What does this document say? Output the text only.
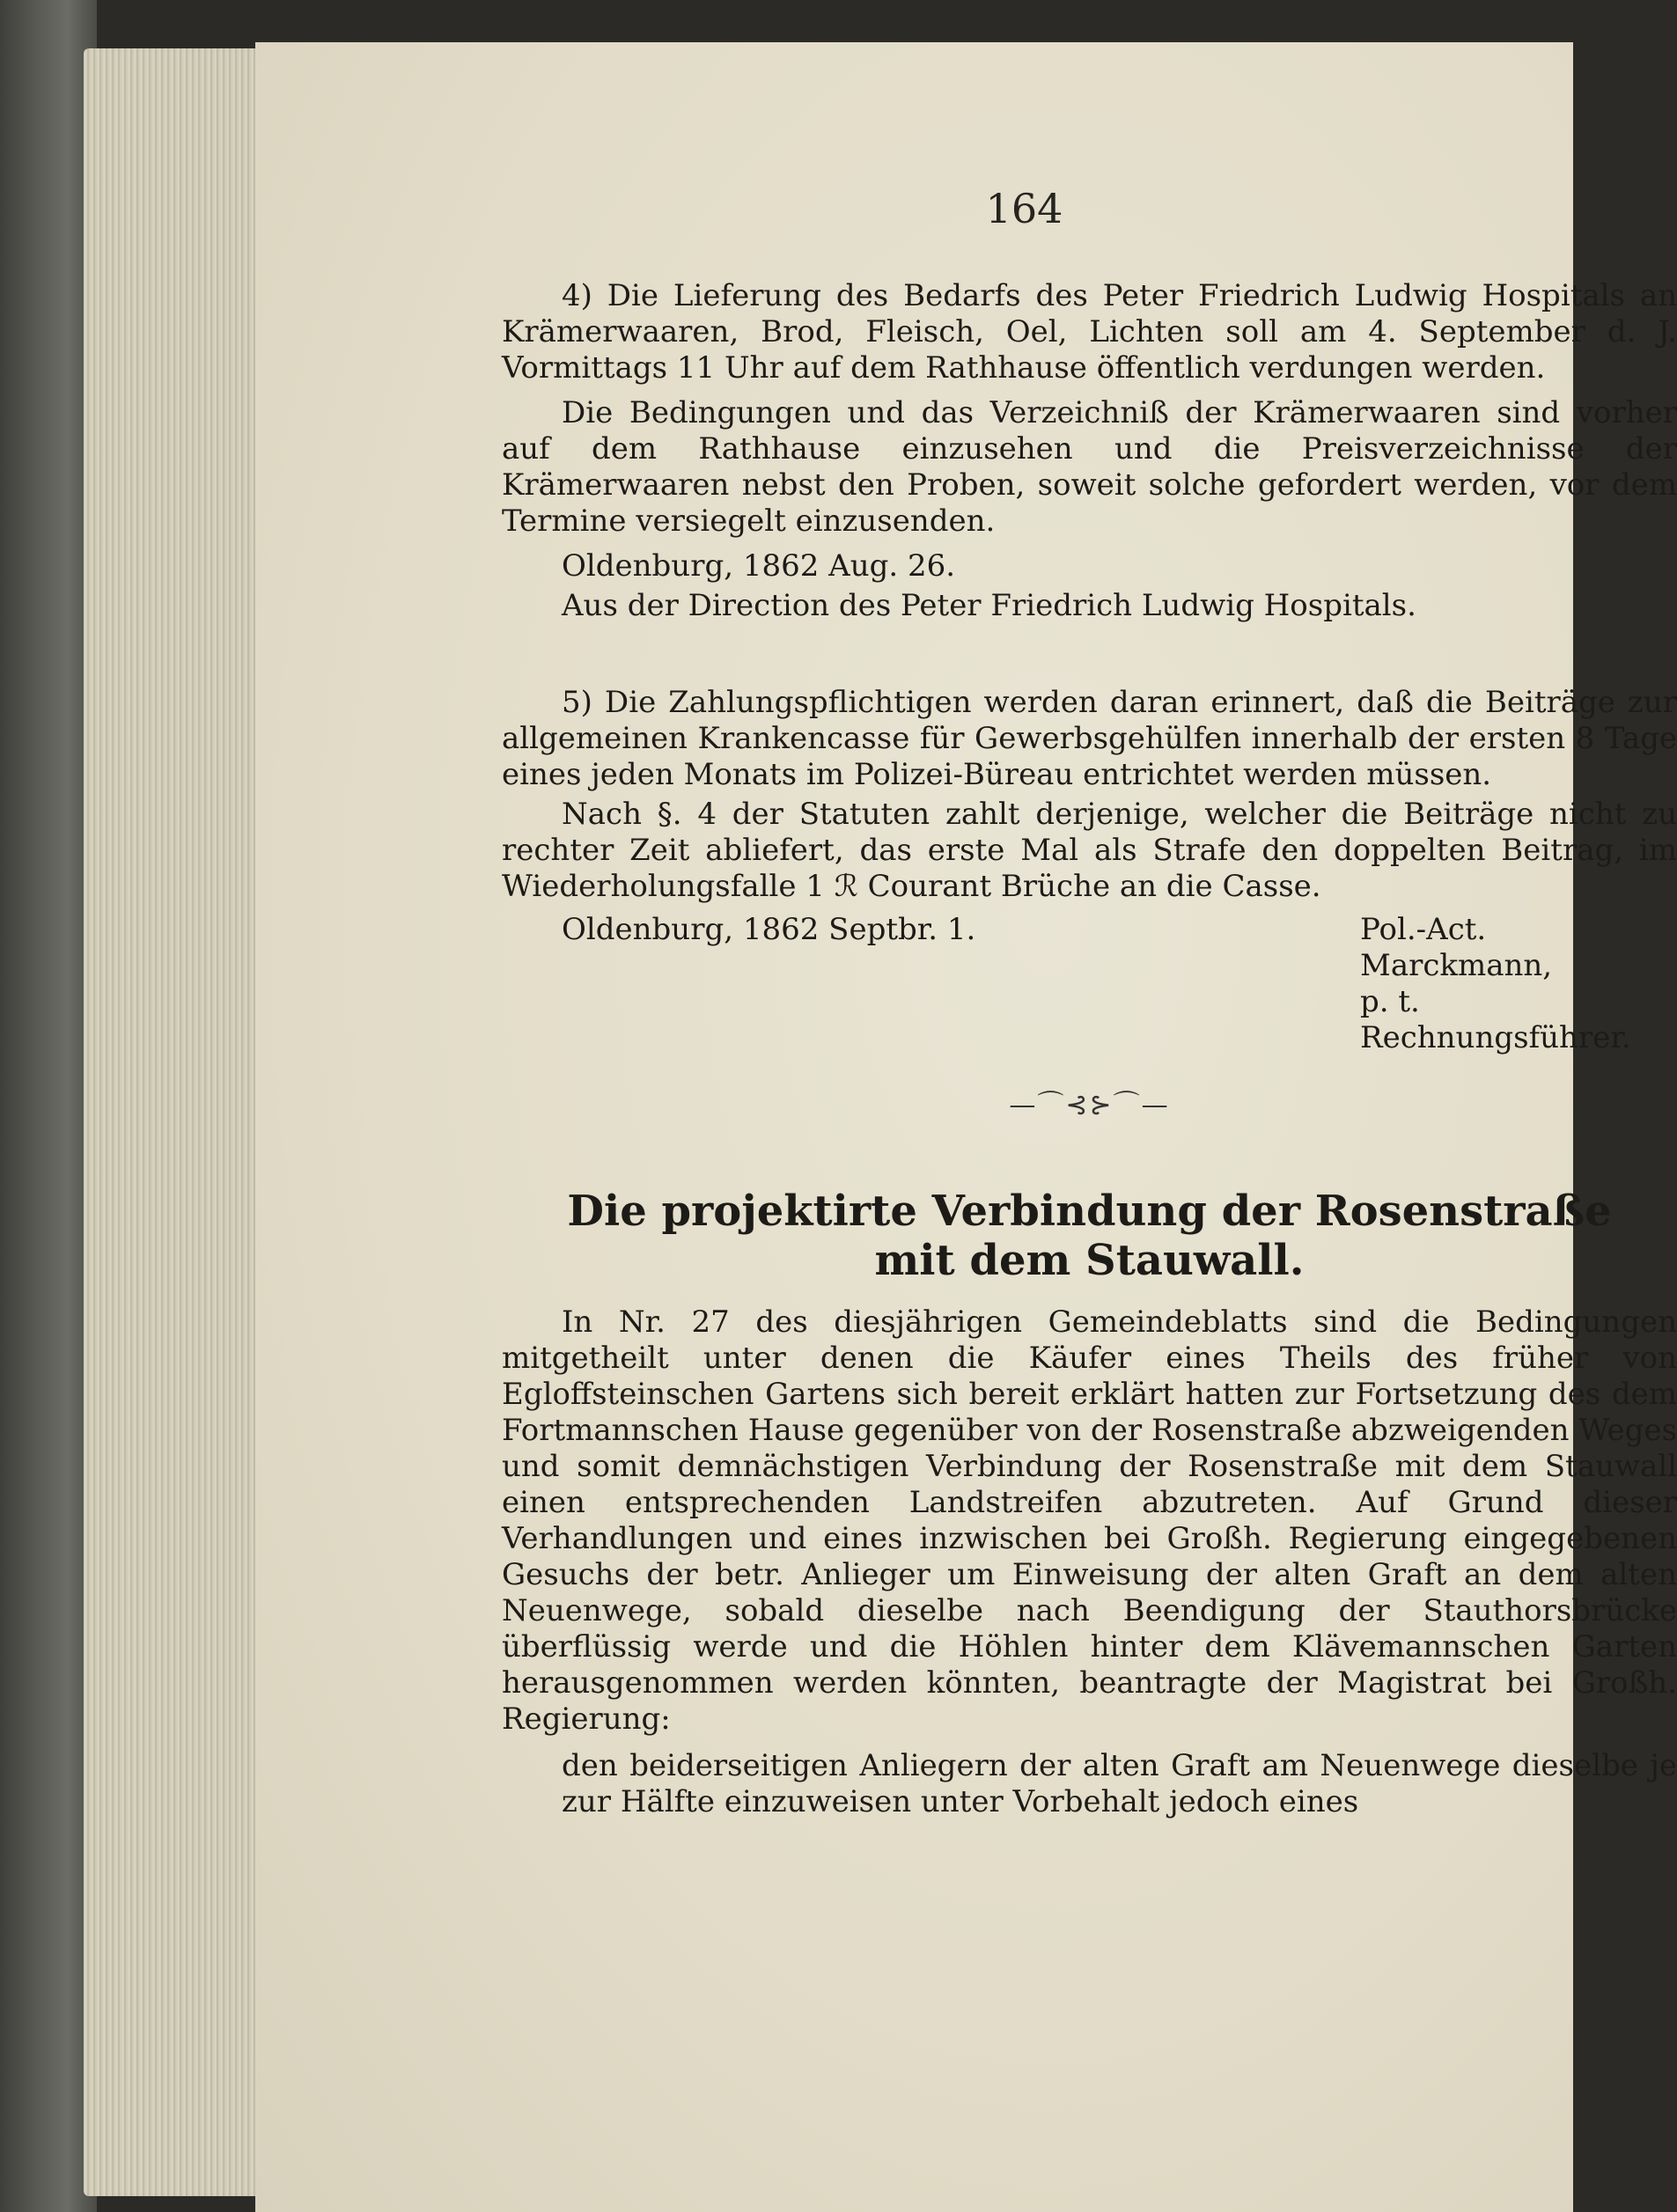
164

4) Die Lieferung des Bedarfs des Peter Friedrich Ludwig Hospitals an Krämerwaaren, Brod, Fleisch, Oel, Lichten soll am 4. September d. J. Vormittags 11 Uhr auf dem Rathhause öffentlich verdungen werden.

Die Bedingungen und das Verzeichniß der Krämerwaaren sind vorher auf dem Rathhause einzusehen und die Preisverzeichnisse der Krämerwaaren nebst den Proben, soweit solche gefordert werden, vor dem Termine versiegelt einzusenden.

Oldenburg, 1862 Aug. 26.
Aus der Direction des Peter Friedrich Ludwig Hospitals.

5) Die Zahlungspflichtigen werden daran erinnert, daß die Beiträge zur allgemeinen Krankencasse für Gewerbsgehülfen innerhalb der ersten 8 Tage eines jeden Monats im Polizei-Büreau entrichtet werden müssen.

Nach §. 4 der Statuten zahlt derjenige, welcher die Beiträge nicht zu rechter Zeit abliefert, das erste Mal als Strafe den doppelten Beitrag, im Wiederholungsfalle 1 ℛ Courant Brüche an die Casse.

Oldenburg, 1862 Septbr. 1.	Pol.-Act. Marckmann,
p. t. Rechnungsführer.
—⌒⊰⊱⌒—
Die projektirte Verbindung der Rosenstraße
mit dem Stauwall.

In Nr. 27 des diesjährigen Gemeindeblatts sind die Bedingungen mitgetheilt unter denen die Käufer eines Theils des früher von Egloffsteinschen Gartens sich bereit erklärt hatten zur Fortsetzung des dem Fortmannschen Hause gegenüber von der Rosenstraße abzweigenden Weges und somit demnächstigen Verbindung der Rosenstraße mit dem Stauwall einen entsprechenden Landstreifen abzutreten. Auf Grund dieser Verhandlungen und eines inzwischen bei Großh. Regierung eingegebenen Gesuchs der betr. Anlieger um Einweisung der alten Graft an dem alten Neuenwege, sobald dieselbe nach Beendigung der Stauthorsbrücke überflüssig werde und die Höhlen hinter dem Klävemannschen Garten herausgenommen werden könnten, beantragte der Magistrat bei Großh. Regierung:

den beiderseitigen Anliegern der alten Graft am Neuenwege dieselbe je zur Hälfte einzuweisen unter Vorbehalt jedoch eines
